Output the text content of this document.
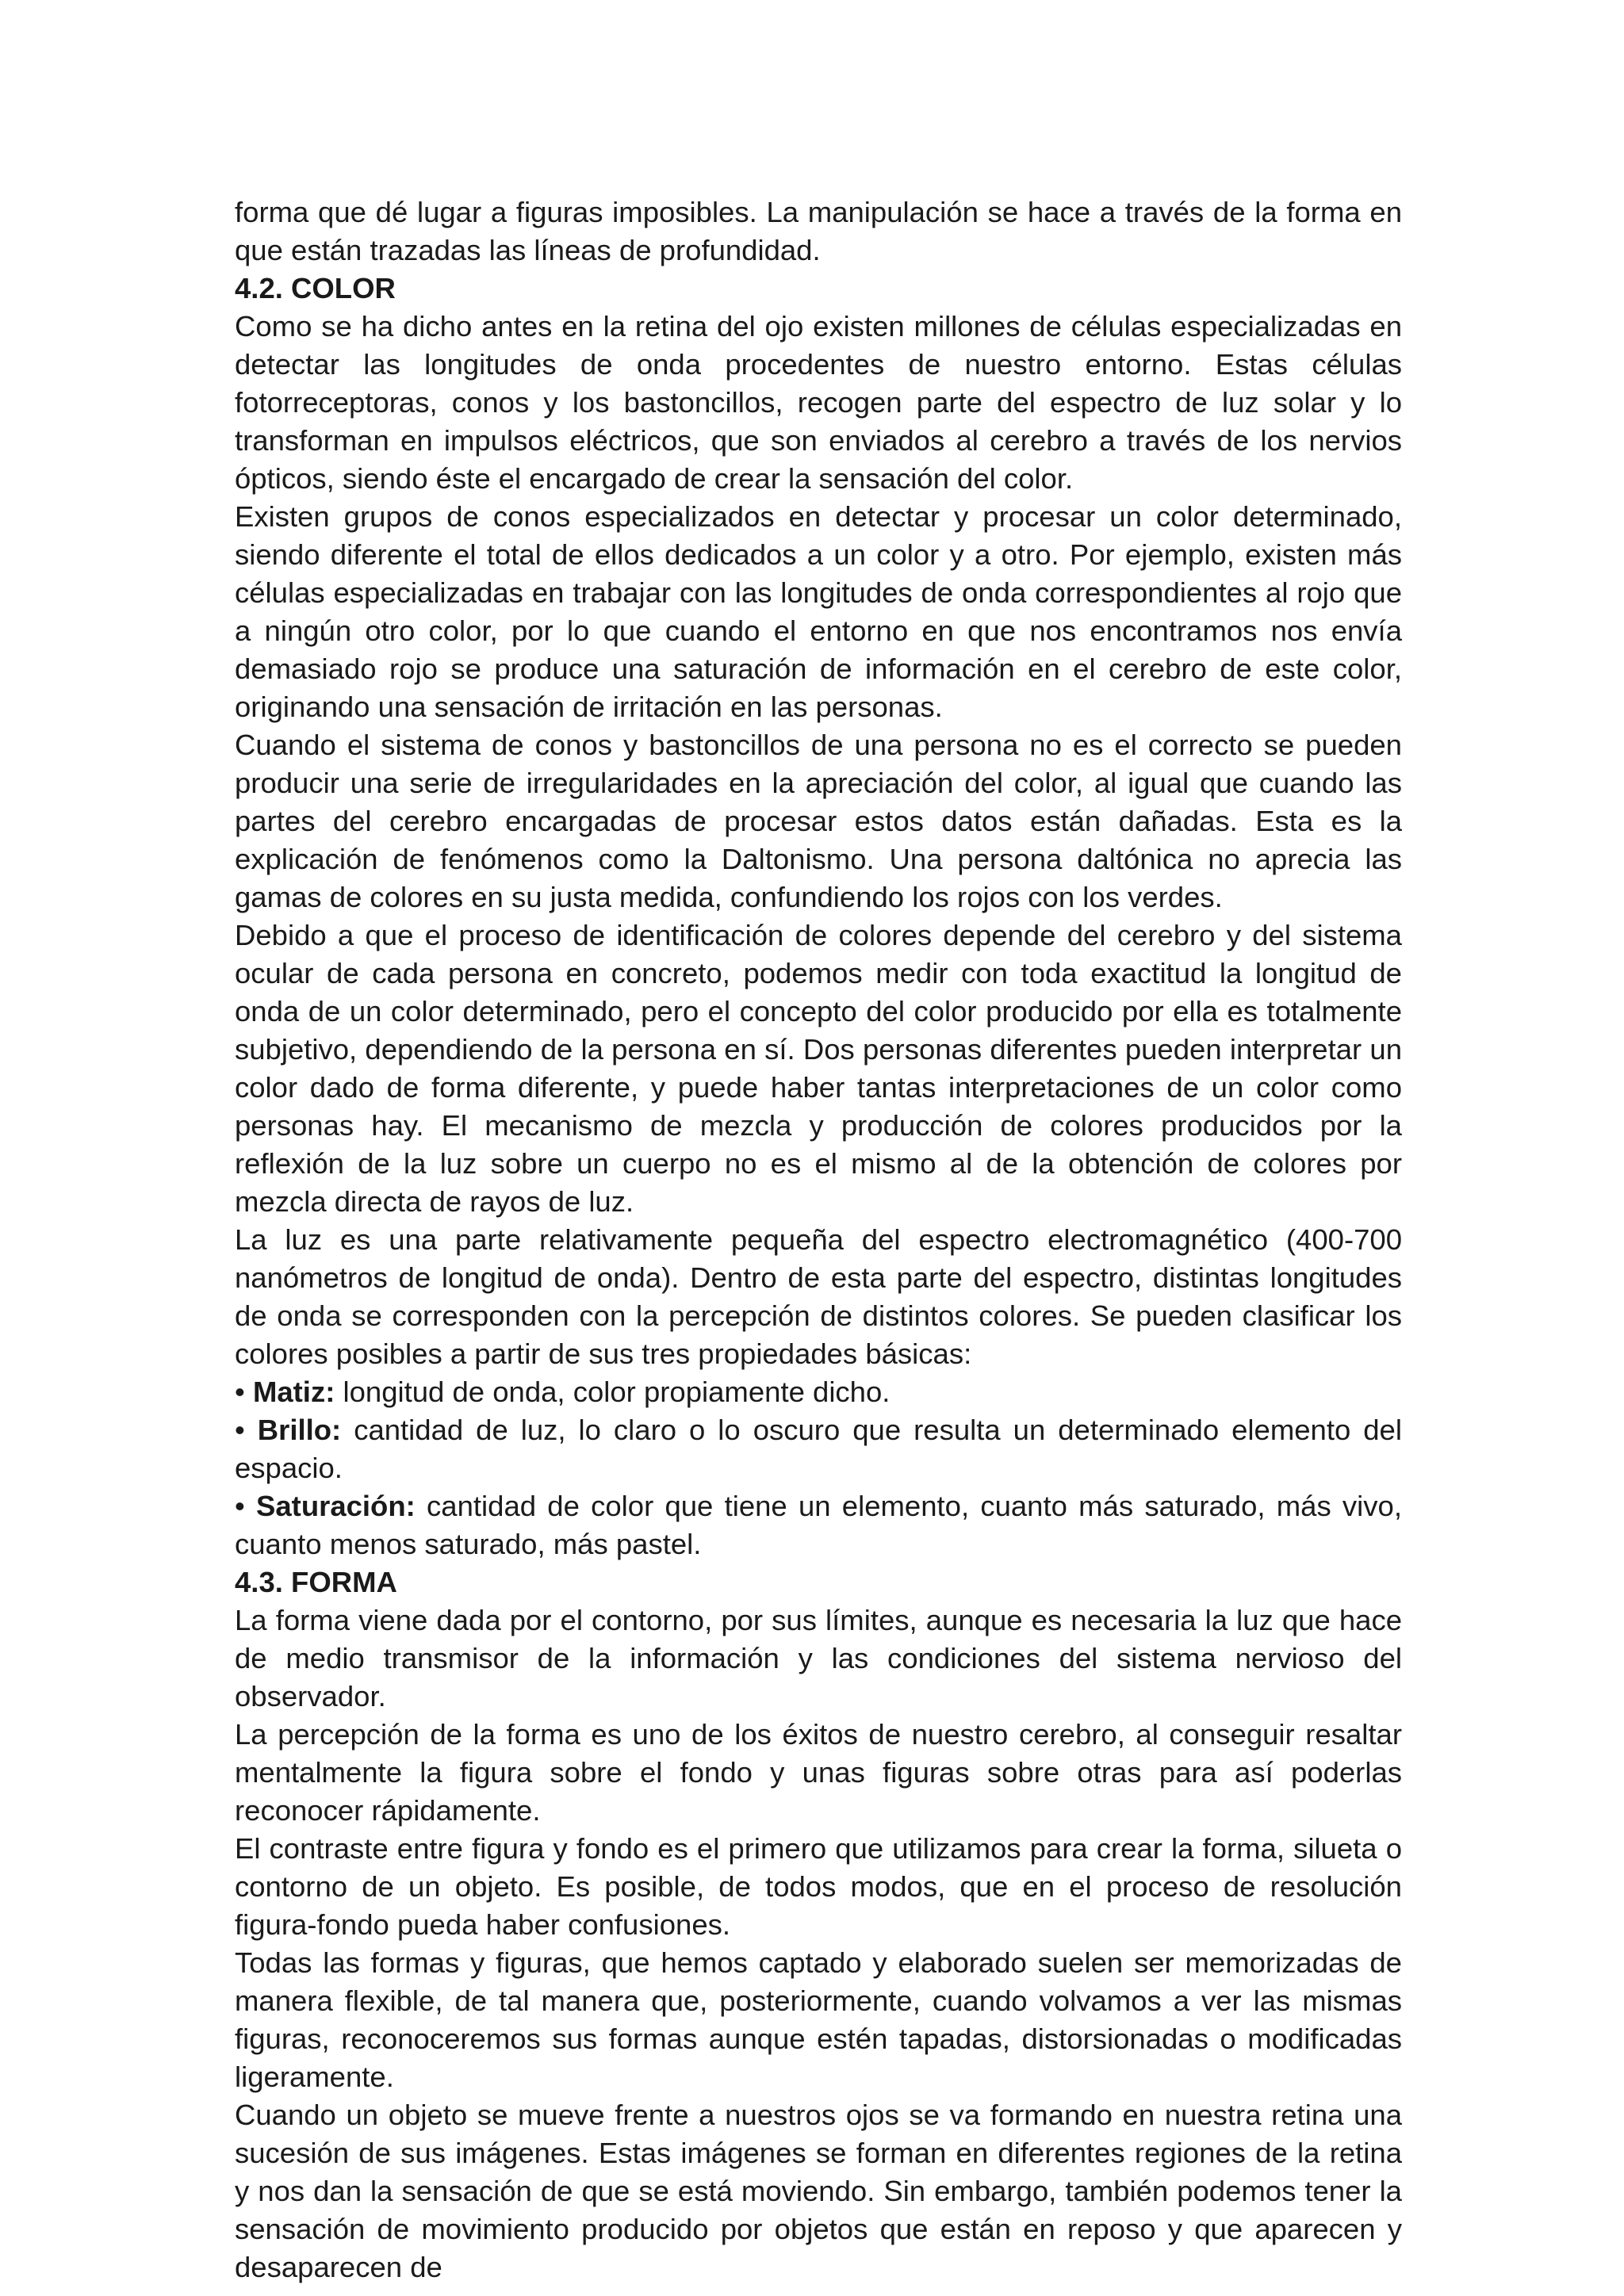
forma que dé lugar a figuras imposibles. La manipulación se hace a través de la forma en que están trazadas las líneas de profundidad.

4.2. COLOR

Como se ha dicho antes en la retina del ojo existen millones de células especializadas en detectar las longitudes de onda procedentes de nuestro entorno. Estas células fotorreceptoras, conos y los bastoncillos, recogen parte del espectro de luz solar y lo transforman en impulsos eléctricos, que son enviados al cerebro a través de los nervios ópticos, siendo éste el encargado de crear la sensación del color.

Existen grupos de conos especializados en detectar y procesar un color determinado, siendo diferente el total de ellos dedicados a un color y a otro. Por ejemplo, existen más células especializadas en trabajar con las longitudes de onda correspondientes al rojo que a ningún otro color, por lo que cuando el entorno en que nos encontramos nos envía demasiado rojo se produce una saturación de información en el cerebro de este color, originando una sensación de irritación en las personas.

Cuando el sistema de conos y bastoncillos de una persona no es el correcto se pueden producir una serie de irregularidades en la apreciación del color, al igual que cuando las partes del cerebro encargadas de procesar estos datos están dañadas. Esta es la explicación de fenómenos como la Daltonismo. Una persona daltónica no aprecia las gamas de colores en su justa medida, confundiendo los rojos con los verdes.

Debido a que el proceso de identificación de colores depende del cerebro y del sistema ocular de cada persona en concreto, podemos medir con toda exactitud la longitud de onda de un color determinado, pero el concepto del color producido por ella es totalmente subjetivo, dependiendo de la persona en sí. Dos personas diferentes pueden interpretar un color dado de forma diferente, y puede haber tantas interpretaciones de un color como personas hay. El mecanismo de mezcla y producción de colores producidos por la reflexión de la luz sobre un cuerpo no es el mismo al de la obtención de colores por mezcla directa de rayos de luz.

La luz es una parte relativamente pequeña del espectro electromagnético (400-700 nanómetros de longitud de onda). Dentro de esta parte del espectro, distintas longitudes de onda se corresponden con la percepción de distintos colores. Se pueden clasificar los colores posibles a partir de sus tres propiedades básicas:

• Matiz: longitud de onda, color propiamente dicho.

• Brillo: cantidad de luz, lo claro o lo oscuro que resulta un determinado elemento del espacio.

• Saturación: cantidad de color que tiene un elemento, cuanto más saturado, más vivo, cuanto menos saturado, más pastel.

4.3. FORMA

La forma viene dada por el contorno, por sus límites, aunque es necesaria la luz que hace de medio transmisor de la información y las condiciones del sistema nervioso del observador.

La percepción de la forma es uno de los éxitos de nuestro cerebro, al conseguir resaltar mentalmente la figura sobre el fondo y unas figuras sobre otras para así poderlas reconocer rápidamente.

El contraste entre figura y fondo es el primero que utilizamos para crear la forma, silueta o contorno de un objeto. Es posible, de todos modos, que en el proceso de resolución figura-fondo pueda haber confusiones.

Todas las formas y figuras, que hemos captado y elaborado suelen ser memorizadas de manera flexible, de tal manera que, posteriormente, cuando volvamos a ver las mismas figuras, reconoceremos sus formas aunque estén tapadas, distorsionadas o modificadas ligeramente.

Cuando un objeto se mueve frente a nuestros ojos se va formando en nuestra retina una sucesión de sus imágenes. Estas imágenes se forman en diferentes regiones de la retina y nos dan la sensación de que se está moviendo. Sin embargo, también podemos tener la sensación de movimiento producido por objetos que están en reposo y que aparecen y desaparecen de
